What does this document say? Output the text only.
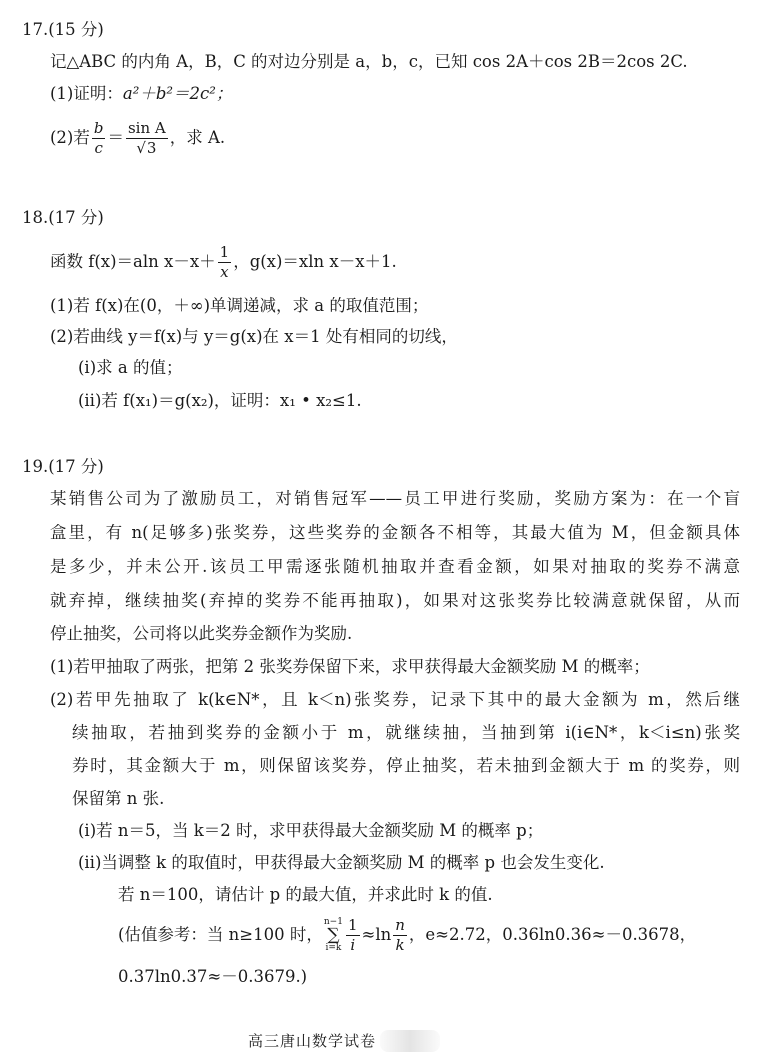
17.(15 分)
记△ABC 的内角 A，B，C 的对边分别是 a，b，c，已知 cos 2A＋cos 2B＝2cos 2C.
(1)证明：a²＋b²＝2c²；
(2)若 $\frac{b}{c} = \frac{\text{sin A}}{√3}$ ，求 A.
18.(17 分)
函数 f(x)＝aln $x-x+ \frac{1}{x}$ ，g(x)＝xln x－x＋1.
(1)若 f(x)在(0，＋∞)单调递减，求 a 的取值范围；
(2)若曲线 y＝f(x)与 y＝g(x)在 x＝1 处有相同的切线，
(ⅰ)求 a 的值；
(ⅱ)若 f(x₁)＝g(x₂)，证明：x₁ • x₂≤1.
19.(17 分)
某销售公司为了激励员工，对销售冠军——员工甲进行奖励，奖励方案为：在一个盲
盒里，有 n(足够多)张奖券，这些奖券的金额各不相等，其最大值为 M，但金额具体
是多少，并未公开.该员工甲需逐张随机抽取并查看金额，如果对抽取的奖券不满意
就弃掉，继续抽奖(弃掉的奖券不能再抽取)，如果对这张奖券比较满意就保留，从而
停止抽奖，公司将以此奖券金额作为奖励.
(1)若甲抽取了两张，把第 2 张奖券保留下来，求甲获得最大金额奖励 M 的概率；
(2)若甲先抽取了 k(k∈N*，且 k＜n)张奖券，记录下其中的最大金额为 m，然后继
续抽取，若抽到奖券的金额小于 m，就继续抽，当抽到第 i(i∈N*，k＜i≤n)张奖
券时，其金额大于 m，则保留该奖券，停止抽奖，若未抽到金额大于 m 的奖券，则
保留第 n 张.
(ⅰ)若 n＝5，当 k＝2 时，求甲获得最大金额奖励 M 的概率 p；
(ⅱ)当调整 k 的取值时，甲获得最大金额奖励 M 的概率 p 也会发生变化.
若 n＝100，请估计 p 的最大值，并求此时 k 的值.
(估值参考：当 n≥100 时，
n−1
∑
$i=k \frac{1}{i} \approx\ln \frac{n}{k}$ ，e≈2.72，0.36ln0.36≈－0.3678，
0.37ln0.37≈－0.3679.)
高三唐山数学试卷
